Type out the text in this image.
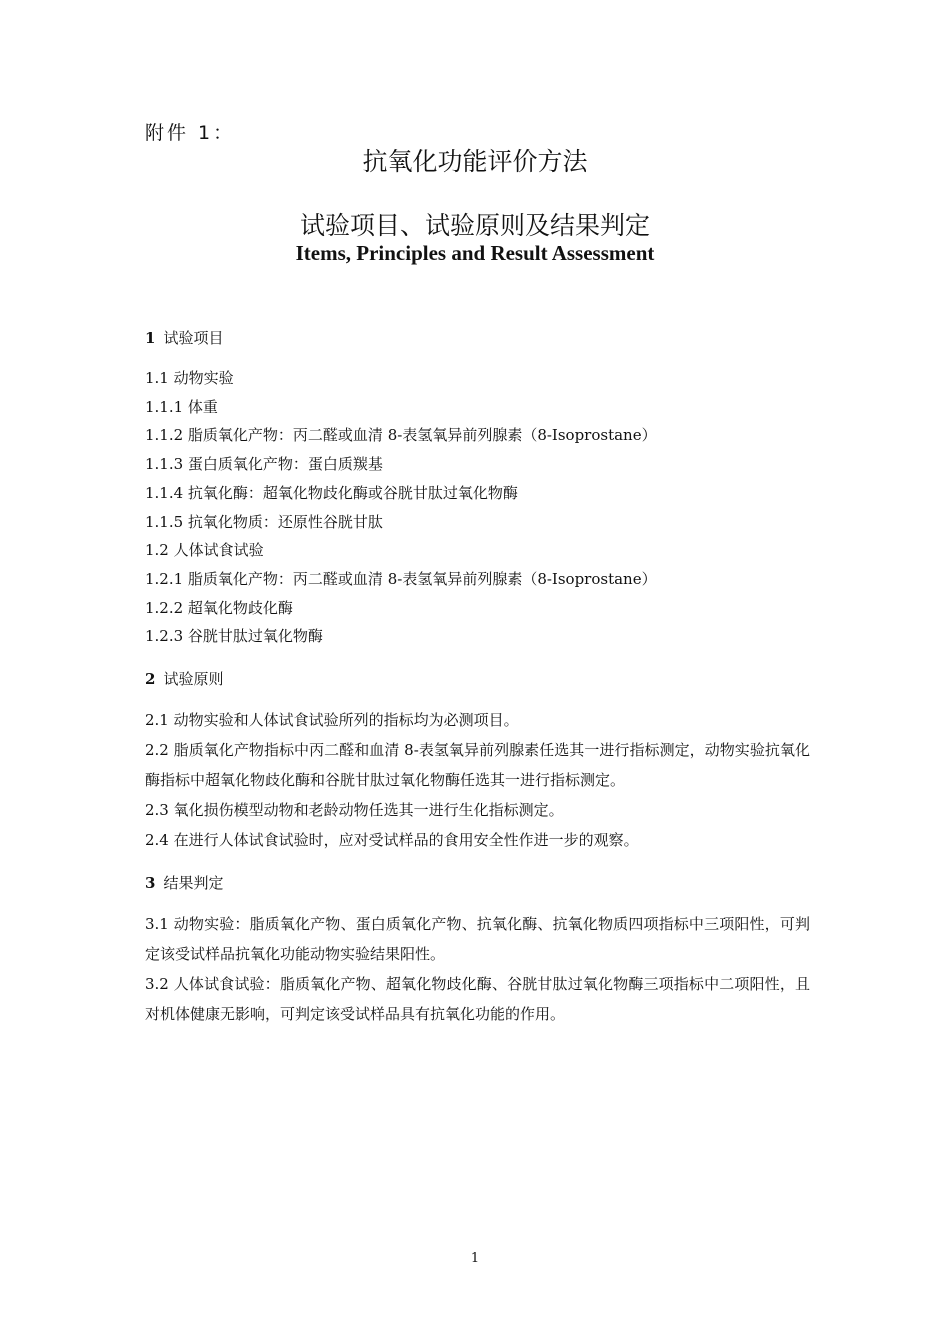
附件 1：
抗氧化功能评价方法
试验项目、试验原则及结果判定
Items, Principles and Result Assessment
1 试验项目
1.1 动物实验
1.1.1 体重
1.1.2 脂质氧化产物：丙二醛或血清 8-表氢氧异前列腺素（8-Isoprostane）
1.1.3 蛋白质氧化产物：蛋白质羰基
1.1.4 抗氧化酶：超氧化物歧化酶或谷胱甘肽过氧化物酶
1.1.5 抗氧化物质：还原性谷胱甘肽
1.2 人体试食试验
1.2.1 脂质氧化产物：丙二醛或血清 8-表氢氧异前列腺素（8-Isoprostane）
1.2.2 超氧化物歧化酶
1.2.3 谷胱甘肽过氧化物酶
2 试验原则
2.1 动物实验和人体试食试验所列的指标均为必测项目。
2.2 脂质氧化产物指标中丙二醛和血清 8-表氢氧异前列腺素任选其一进行指标测定，动物实验抗氧化酶指标中超氧化物歧化酶和谷胱甘肽过氧化物酶任选其一进行指标测定。
2.3 氧化损伤模型动物和老龄动物任选其一进行生化指标测定。
2.4 在进行人体试食试验时，应对受试样品的食用安全性作进一步的观察。
3 结果判定
3.1 动物实验：脂质氧化产物、蛋白质氧化产物、抗氧化酶、抗氧化物质四项指标中三项阳性，可判定该受试样品抗氧化功能动物实验结果阳性。
3.2 人体试食试验：脂质氧化产物、超氧化物歧化酶、谷胱甘肽过氧化物酶三项指标中二项阳性，且对机体健康无影响，可判定该受试样品具有抗氧化功能的作用。
1
